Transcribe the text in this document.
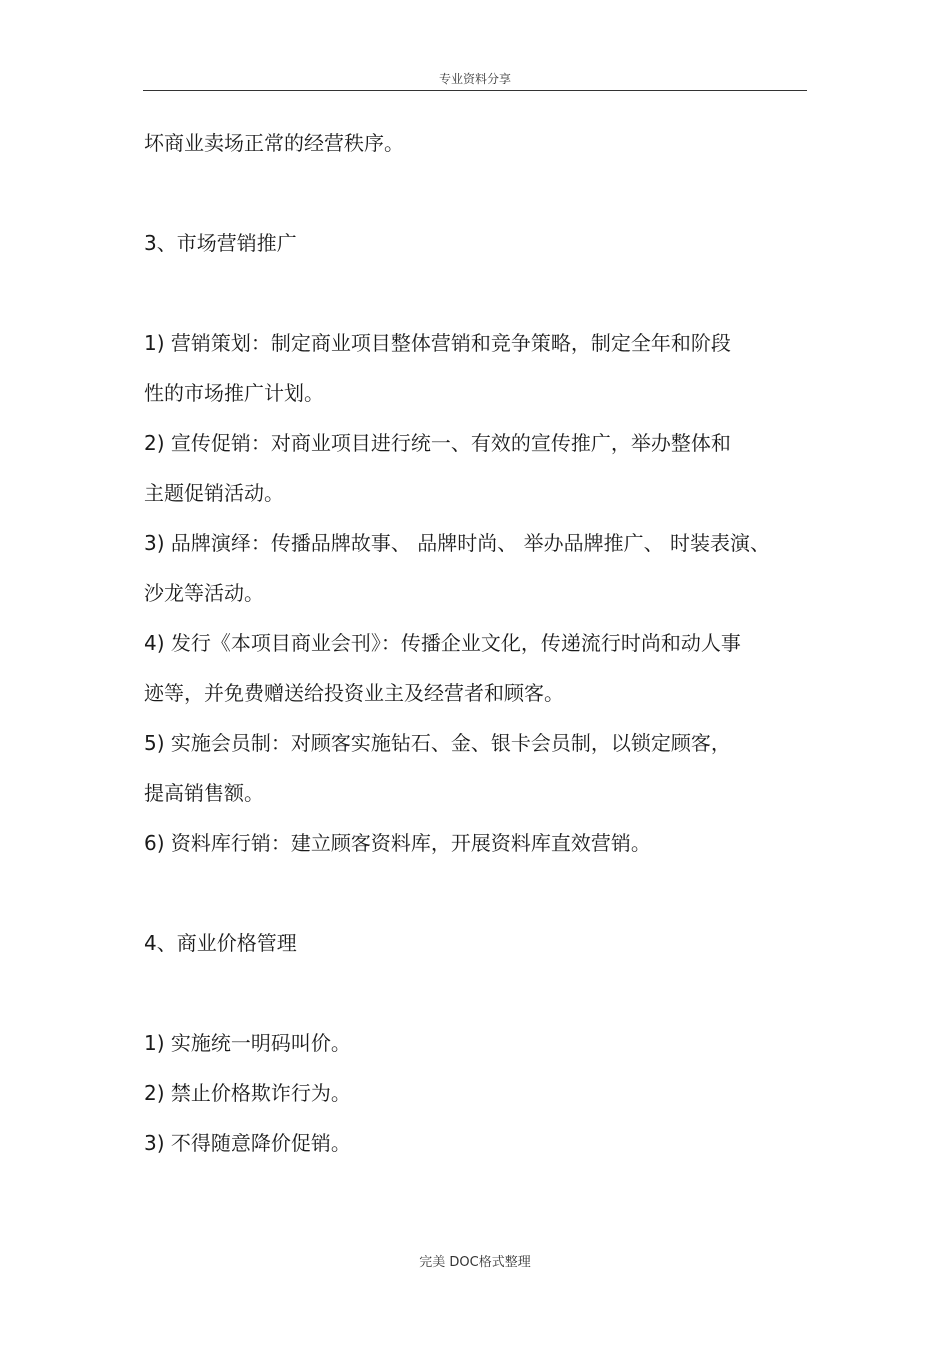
专业资料分享
坏商业卖场正常的经营秩序。
3、市场营销推广
1) 营销策划：制定商业项目整体营销和竞争策略，制定全年和阶段
性的市场推广计划。
2) 宣传促销：对商业项目进行统一、有效的宣传推广，举办整体和
主题促销活动。
3) 品牌演绎：传播品牌故事、 品牌时尚、 举办品牌推广、 时装表演、
沙龙等活动。
4) 发行《本项目商业会刊》：传播企业文化，传递流行时尚和动人事
迹等，并免费赠送给投资业主及经营者和顾客。
5) 实施会员制：对顾客实施钻石、金、银卡会员制，以锁定顾客，
提高销售额。
6) 资料库行销：建立顾客资料库，开展资料库直效营销。
4、商业价格管理
1) 实施统一明码叫价。
2) 禁止价格欺诈行为。
3) 不得随意降价促销。
完美 DOC格式整理
